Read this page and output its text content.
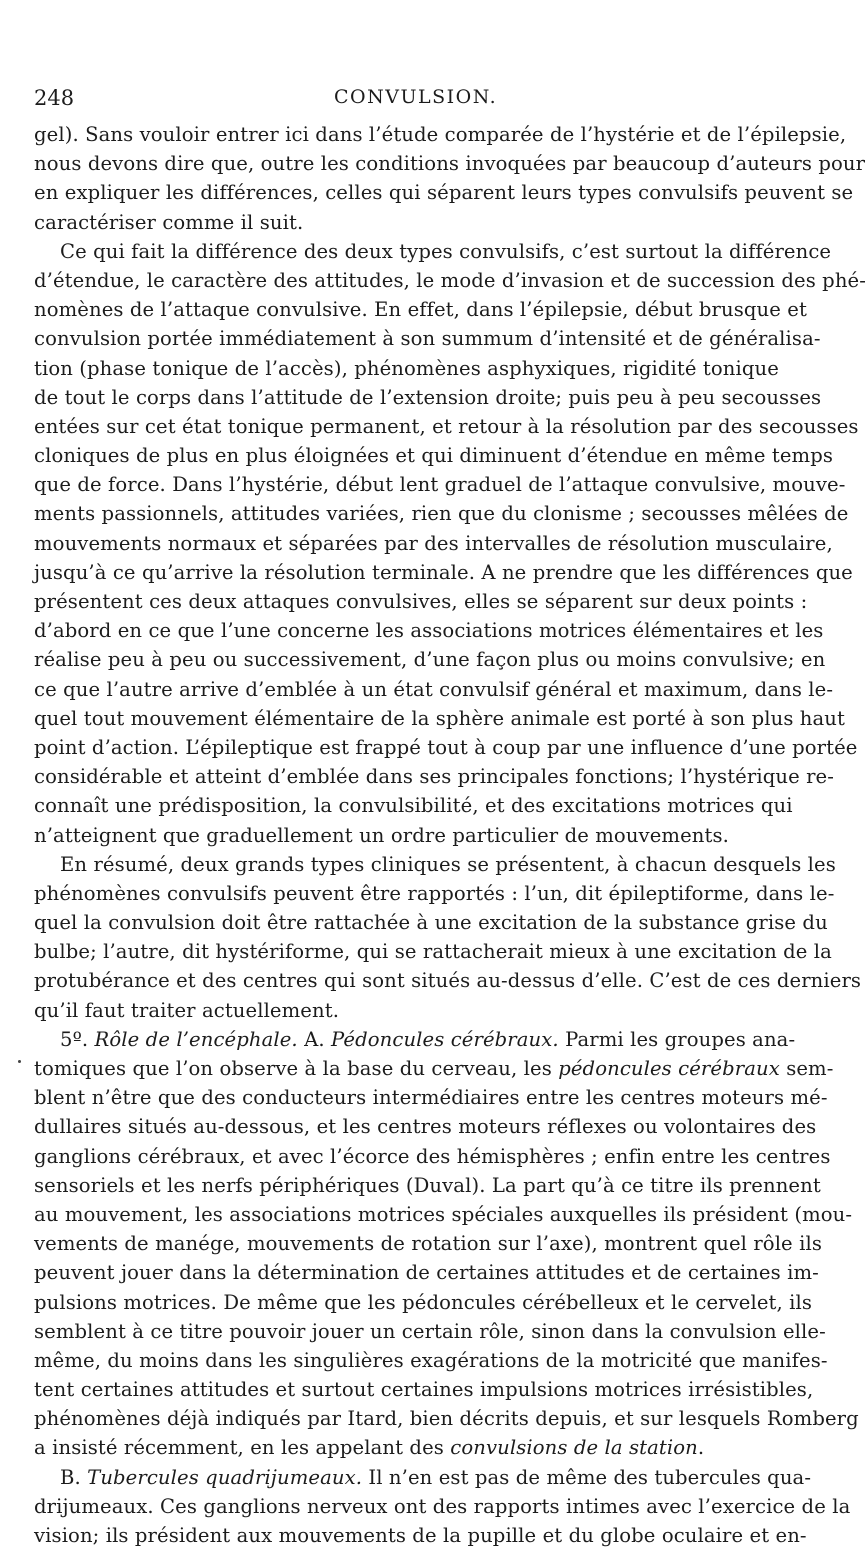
248	CONVULSION.
gel). Sans vouloir entrer ici dans l’étude comparée de l’hystérie et de l’épilepsie,
nous devons dire que, outre les conditions invoquées par beaucoup d’auteurs pour
en expliquer les différences, celles qui séparent leurs types convulsifs peuvent se
caractériser comme il suit.
Ce qui fait la différence des deux types convulsifs, c’est surtout la différence
d’étendue, le caractère des attitudes, le mode d’invasion et de succession des phé-
nomènes de l’attaque convulsive. En effet, dans l’épilepsie, début brusque et
convulsion portée immédiatement à son summum d’intensité et de généralisa-
tion (phase tonique de l’accès), phénomènes asphyxiques, rigidité tonique
de tout le corps dans l’attitude de l’extension droite; puis peu à peu secousses
entées sur cet état tonique permanent, et retour à la résolution par des secousses
cloniques de plus en plus éloignées et qui diminuent d’étendue en même temps
que de force. Dans l’hystérie, début lent graduel de l’attaque convulsive, mouve-
ments passionnels, attitudes variées, rien que du clonisme ; secousses mêlées de
mouvements normaux et séparées par des intervalles de résolution musculaire,
jusqu’à ce qu’arrive la résolution terminale. A ne prendre que les différences que
présentent ces deux attaques convulsives, elles se séparent sur deux points :
d’abord en ce que l’une concerne les associations motrices élémentaires et les
réalise peu à peu ou successivement, d’une façon plus ou moins convulsive; en
ce que l’autre arrive d’emblée à un état convulsif général et maximum, dans le-
quel tout mouvement élémentaire de la sphère animale est porté à son plus haut
point d’action. L’épileptique est frappé tout à coup par une influence d’une portée
considérable et atteint d’emblée dans ses principales fonctions; l’hystérique re-
connaît une prédisposition, la convulsibilité, et des excitations motrices qui
n’atteignent que graduellement un ordre particulier de mouvements.
En résumé, deux grands types cliniques se présentent, à chacun desquels les
phénomènes convulsifs peuvent être rapportés : l’un, dit épileptiforme, dans le-
quel la convulsion doit être rattachée à une excitation de la substance grise du
bulbe; l’autre, dit hystériforme, qui se rattacherait mieux à une excitation de la
protubérance et des centres qui sont situés au-dessus d’elle. C’est de ces derniers
qu’il faut traiter actuellement.
5º. Rôle de l’encéphale. A. Pédoncules cérébraux. Parmi les groupes ana-
tomiques que l’on observe à la base du cerveau, les pédoncules cérébraux sem-
blent n’être que des conducteurs intermédiaires entre les centres moteurs mé-
dullaires situés au-dessous, et les centres moteurs réflexes ou volontaires des
ganglions cérébraux, et avec l’écorce des hémisphères ; enfin entre les centres
sensoriels et les nerfs périphériques (Duval). La part qu’à ce titre ils prennent
au mouvement, les associations motrices spéciales auxquelles ils président (mou-
vements de manége, mouvements de rotation sur l’axe), montrent quel rôle ils
peuvent jouer dans la détermination de certaines attitudes et de certaines im-
pulsions motrices. De même que les pédoncules cérébelleux et le cervelet, ils
semblent à ce titre pouvoir jouer un certain rôle, sinon dans la convulsion elle-
même, du moins dans les singulières exagérations de la motricité que manifes-
tent certaines attitudes et surtout certaines impulsions motrices irrésistibles,
phénomènes déjà indiqués par Itard, bien décrits depuis, et sur lesquels Romberg
a insisté récemment, en les appelant des convulsions de la station.
B. Tubercules quadrijumeaux. Il n’en est pas de même des tubercules qua-
drijumeaux. Ces ganglions nerveux ont des rapports intimes avec l’exercice de la
vision; ils président aux mouvements de la pupille et du globe oculaire et en-
